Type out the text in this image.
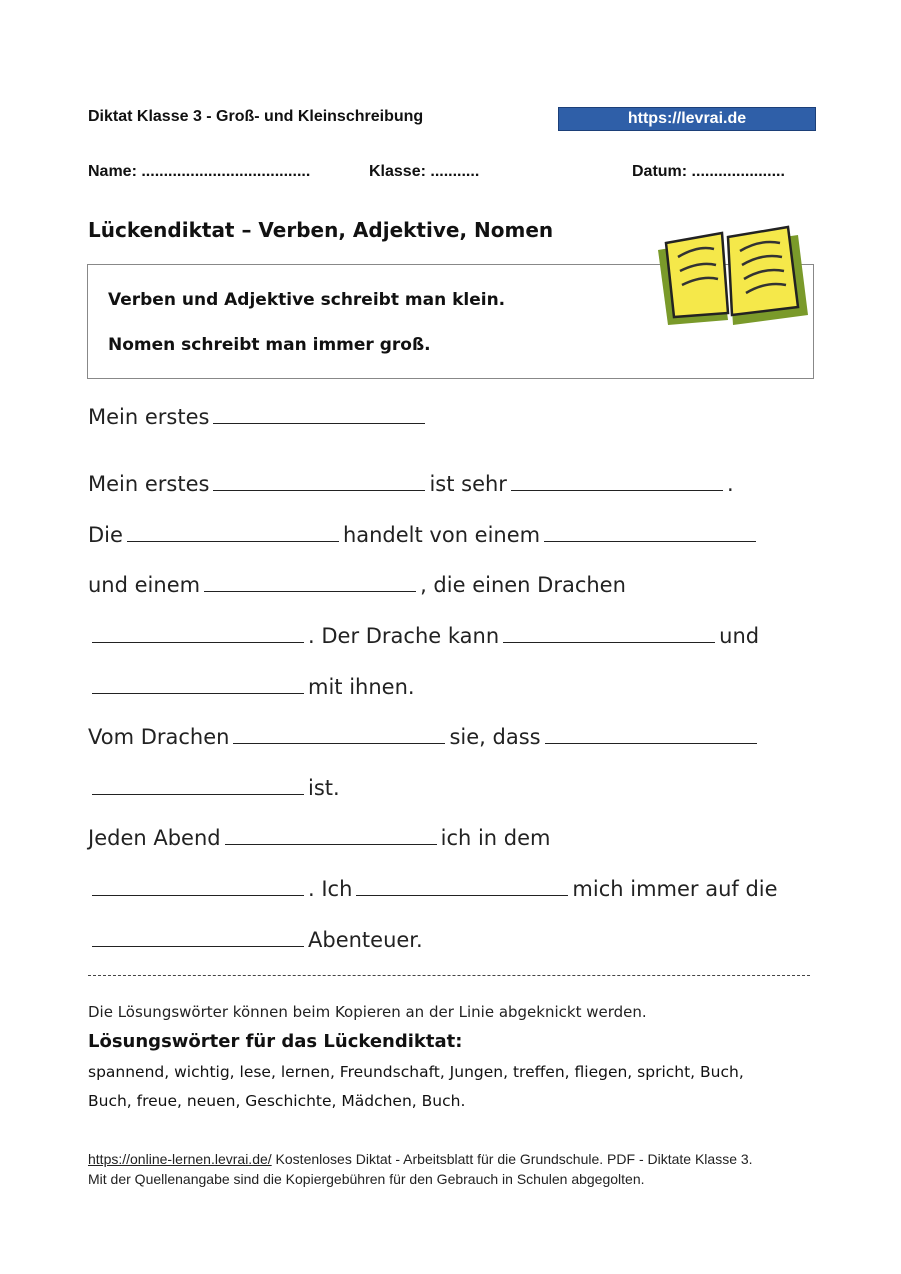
Diktat Klasse 3 - Groß- und Kleinschreibung	https://levrai.de
Name: ......................................	Klasse: ...........	Datum: .....................
Lückendiktat – Verben, Adjektive, Nomen
Verben und Adjektive schreibt man klein.
Nomen schreibt man immer groß.
Mein erstes
Mein erstes	ist sehr	.
Die	handelt von einem
und einem	, die einen Drachen
. Der Drache kann	und
mit ihnen.
Vom Drachen	sie, dass
ist.
Jeden Abend	ich in dem
. Ich	mich immer auf die
Abenteuer.
Die Lösungswörter können beim Kopieren an der Linie abgeknickt werden.
Lösungswörter für das Lückendiktat:
spannend, wichtig, lese, lernen, Freundschaft, Jungen, treffen, fliegen, spricht, Buch,
Buch, freue, neuen, Geschichte, Mädchen, Buch.
https://online-lernen.levrai.de/ Kostenloses Diktat - Arbeitsblatt für die Grundschule. PDF - Diktate Klasse 3.
Mit der Quellenangabe sind die Kopiergebühren für den Gebrauch in Schulen abgegolten.
